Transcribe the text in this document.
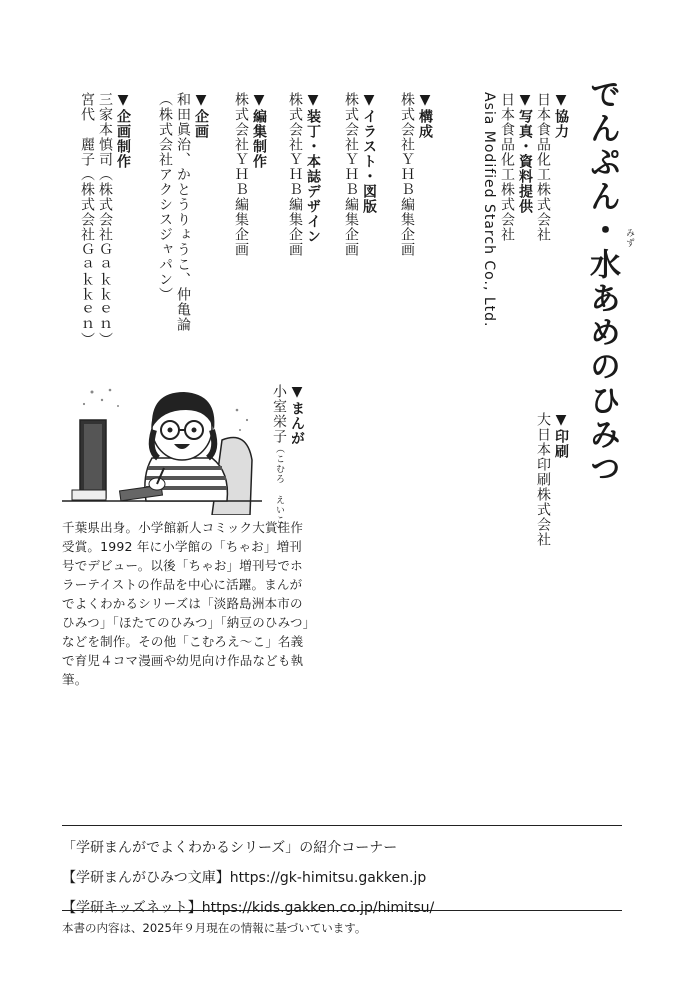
でんぷん・水あめのひみつ みず
▼協力
日本食品化工株式会社
▼写真・資料提供
日本食品化工株式会社
Asia Modified Starch Co., Ltd.
▼構成
株式会社ＹＨＢ編集企画
▼イラスト・図版
株式会社ＹＨＢ編集企画
▼装丁・本誌デザイン
株式会社ＹＨＢ編集企画
▼編集制作
株式会社ＹＨＢ編集企画
▼企画
和田眞治、かとうりょうこ、仲亀論
（株式会社アクシスジャパン）
▼企画制作
三家本慎司（株式会社Ｇａｋｋｅｎ）
宮代　麗子（株式会社Ｇａｋｋｅｎ）
▼印刷
大日本印刷株式会社
▼まんが
小室栄子（こむろ えいこ）
千葉県出身。小学館新人コミック大賞佳作受賞。1992 年に小学館の「ちゃお」増刊号でデビュー。以後「ちゃお」増刊号でホラーテイストの作品を中心に活躍。まんがでよくわかるシリーズは「淡路島洲本市のひみつ」「ほたてのひみつ」「納豆のひみつ」などを制作。その他「こむろえ〜こ」名義で育児４コマ漫画や幼児向け作品なども執筆。
「学研まんがでよくわかるシリーズ」の紹介コーナー
【学研まんがひみつ文庫】https://gk-himitsu.gakken.jp
【学研キッズネット】https://kids.gakken.co.jp/himitsu/
本書の内容は、2025年９月現在の情報に基づいています。
